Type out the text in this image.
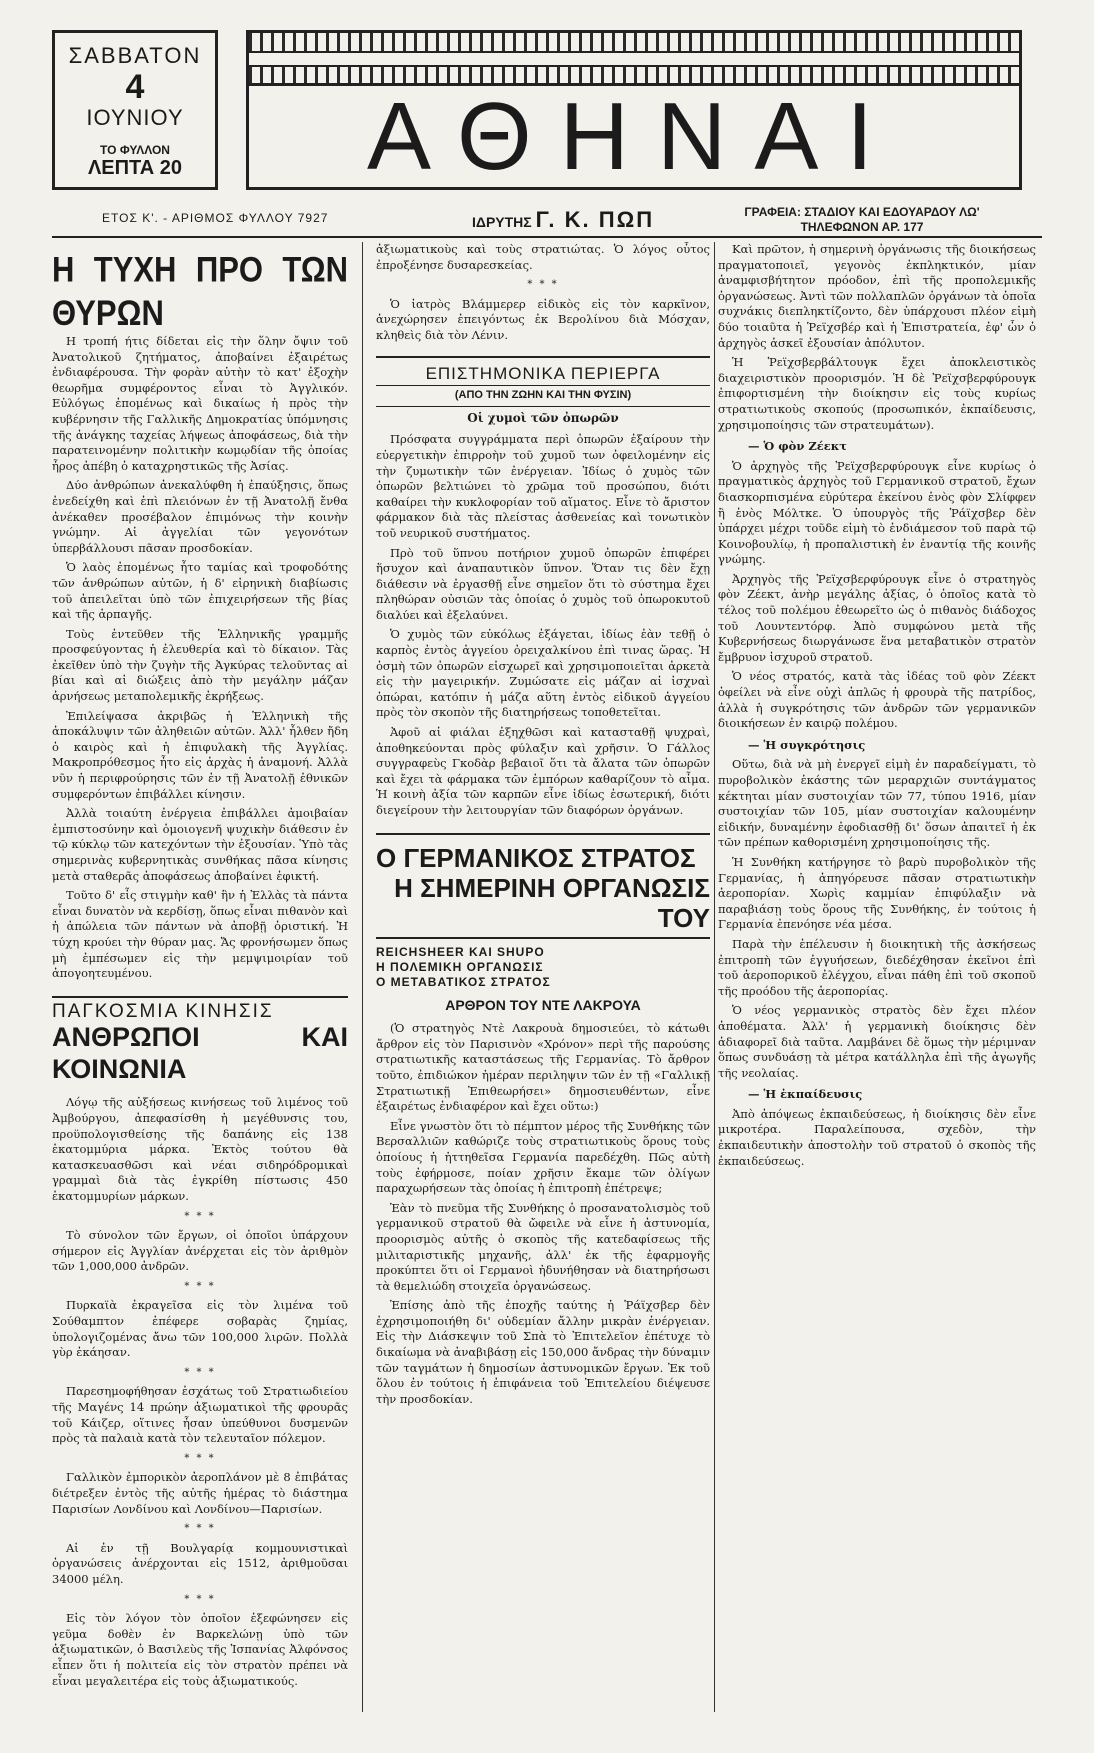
ΣΑΒΒΑΤΟΝ
4
ΙΟΥΝΙΟΥ
ΤΟ ΦΥΛΛΟΝ
ΛΕΠΤΑ 20	ΑΘΗΝΑΙ
ΕΤΟΣ Κ'. - ΑΡΙΘΜΟΣ ΦΥΛΛΟΥ 7927	ΙΔΡΥΤΗΣ Γ. Κ. ΠΩΠ	ΓΡΑΦΕΙΑ: ΣΤΑΔΙΟΥ ΚΑΙ ΕΔΟΥΑΡΔΟΥ ΛΩ'
ΤΗΛΕΦΩΝΟΝ ΑΡ. 177
Η ΤΥΧΗ ΠΡΟ ΤΩΝ ΘΥΡΩΝ

Η τροπή ήτις δίδεται εἰς τὴν ὅλην ὄψιν τοῦ Ἀνατολικοῦ ζητήματος, ἀποβαίνει ἐξαιρέτως ἐνδιαφέρουσα. Τὴν φορὰν αὐτὴν τὸ κατ' ἐξοχὴν θεωρῆμα συμφέροντος εἶναι τὸ Ἀγγλικόν. Εὐλόγως ἐπομένως καὶ δικαίως ἡ πρὸς τὴν κυβέρνησιν τῆς Γαλλικῆς Δημοκρατίας ὑπόμνησις τῆς ἀνάγκης ταχείας λήψεως ἀποφάσεως, διὰ τὴν παρατεινομένην πολιτικὴν κωμῳδίαν τῆς ὁποίας ἦρος ἀπέβη ὁ καταχρηστικῶς τῆς Ἀσίας.

Δύο ἀνθρώπων ἀνεκαλύφθη ἡ ἐπαύξησις, ὅπως ἐνεδείχθη καὶ ἐπὶ πλειόνων ἐν τῇ Ἀνατολῇ ἔνθα ἀνέκαθεν προσέβαλον ἐπιμόνως τὴν κοινὴν γνώμην. Αἱ ἀγγελίαι τῶν γεγονότων ὑπερβάλλουσι πᾶσαν προσδοκίαν.

Ὁ λαὸς ἐπομένως ἦτο ταμίας καὶ τροφοδότης τῶν ἀνθρώπων αὐτῶν, ἡ δ' εἰρηνικὴ διαβίωσις τοῦ ἀπειλεῖται ὑπὸ τῶν ἐπιχειρήσεων τῆς βίας καὶ τῆς ἁρπαγῆς.

Τοὺς ἐντεῦθεν τῆς Ἑλληνικῆς γραμμῆς προσφεύγοντας ἡ ἐλευθερία καὶ τὸ δίκαιον. Τὰς ἐκεῖθεν ὑπὸ τὴν ζυγὴν τῆς Ἀγκύρας τελοῦντας αἱ βίαι καὶ αἱ διώξεις ἀπὸ τὴν μεγάλην μάζαν ἀρνήσεως μεταπολεμικῆς ἐκρήξεως.

Ἐπιλείψασα ἀκριβῶς ἡ Ἑλληνικὴ τῆς ἀποκάλυψιν τῶν ἀληθειῶν αὐτῶν. Ἀλλ' ἦλθεν ἤδη ὁ καιρὸς καὶ ἡ ἐπιφυλακὴ τῆς Ἀγγλίας. Μακροπρόθεσμος ἦτο εἰς ἀρχὰς ἡ ἀναμονή. Ἀλλὰ νῦν ἡ περιφρούρησις τῶν ἐν τῇ Ἀνατολῇ ἐθνικῶν συμφερόντων ἐπιβάλλει κίνησιν.

Ἀλλὰ τοιαύτη ἐνέργεια ἐπιβάλλει ἀμοιβαίαν ἐμπιστοσύνην καὶ ὁμοιογενῆ ψυχικὴν διάθεσιν ἐν τῷ κύκλῳ τῶν κατεχόντων τὴν ἐξουσίαν. Ὑπὸ τὰς σημερινὰς κυβερνητικὰς συνθήκας πᾶσα κίνησις μετὰ σταθερᾶς ἀποφάσεως ἀποβαίνει ἐφικτή.

Τοῦτο δ' εἶς στιγμὴν καθ' ἣν ἡ Ἑλλὰς τὰ πάντα εἶναι δυνατὸν νὰ κερδίσῃ, ὅπως εἶναι πιθανὸν καὶ ἡ ἀπώλεια τῶν πάντων νὰ ἀποβῇ ὁριστική. Ἡ τύχη κρούει τὴν θύραν μας. Ἄς φρονήσωμεν ὅπως μὴ ἐμπέσωμεν εἰς τὴν μεμψιμοιρίαν τοῦ ἀπογοητευμένου.

ΠΑΓΚΟΣΜΙΑ ΚΙΝΗΣΙΣ
ΑΝΘΡΩΠΟΙ ΚΑΙ ΚΟΙΝΩΝΙΑ

Λόγῳ τῆς αὐξήσεως κινήσεως τοῦ λιμένος τοῦ Ἀμβούργου, ἀπεφασίσθη ἡ μεγέθυνσις του, προϋπολογισθείσης τῆς δαπάνης εἰς 138 ἑκατομμύρια μάρκα. Ἐκτὸς τούτου θὰ κατασκευασθῶσι καὶ νέαι σιδηρόδρομικαὶ γραμμαὶ διὰ τὰς ἐγκρίθη πίστωσις 450 ἑκατομμυρίων μάρκων.

* * *

Τὸ σύνολον τῶν ἔργων, οἱ ὁποῖοι ὑπάρχουν σήμερον εἰς Ἀγγλίαν ἀνέρχεται εἰς τὸν ἀριθμὸν τῶν 1,000,000 ἀνδρῶν.

* * *

Πυρκαϊὰ ἐκραγεῖσα εἰς τὸν λιμένα τοῦ Σούθαμπτον ἐπέφερε σοβαρὰς ζημίας, ὑπολογιζομένας ἄνω τῶν 100,000 λιρῶν. Πολλὰ γὺρ ἐκάησαν.

* * *

Παρεσημοφήθησαν ἐσχάτως τοῦ Στρατιωδιείου τῆς Μαγένς 14 πρώην ἀξιωματικοὶ τῆς φρουρᾶς τοῦ Κάιζερ, οἵτινες ἦσαν ὑπεύθυνοι δυσμενῶν πρὸς τὰ παλαιὰ κατὰ τὸν τελευταῖον πόλεμον.

* * *

Γαλλικὸν ἐμπορικὸν ἀεροπλάνον μὲ 8 ἐπιβάτας διέτρεξεν ἐντὸς τῆς αὐτῆς ἡμέρας τὸ διάστημα Παρισίων Λονδίνου καὶ Λονδίνου—Παρισίων.

* * *

Αἱ ἐν τῇ Βουλγαρίᾳ κομμουνιστικαὶ ὀργανώσεις ἀνέρχονται εἰς 1512, ἀριθμοῦσαι 34000 μέλη.

* * *

Εἰς τὸν λόγον τὸν ὁποῖον ἐξεφώνησεν εἰς γεῦμα δοθὲν ἐν Βαρκελώνῃ ὑπὸ τῶν ἀξιωματικῶν, ὁ Βασιλεὺς τῆς Ἱσπανίας Ἀλφόνσος εἶπεν ὅτι ἡ πολιτεία εἰς τὸν στρατὸν πρέπει νὰ εἶναι μεγαλειτέρα εἰς τοὺς ἀξιωματικούς.

ἀξιωματικοὺς καὶ τοὺς στρατιώτας. Ὁ λόγος οὗτος ἐπροξένησε δυσαρεσκείας.

* * *

Ὁ ἰατρὸς Βλάμμερερ εἰδικὸς εἰς τὸν καρκῖνον, ἀνεχώρησεν ἐπειγόντως ἐκ Βερολίνου διὰ Μόσχαν, κληθεὶς διὰ τὸν Λένιν.

ΕΠΙΣΤΗΜΟΝΙΚΑ ΠΕΡΙΕΡΓΑ
(ΑΠΟ ΤΗΝ ΖΩΗΝ ΚΑΙ ΤΗΝ ΦΥΣΙΝ)
Οἱ χυμοὶ τῶν ὀπωρῶν

Πρόσφατα συγγράμματα περὶ ὀπωρῶν ἐξαίρουν τὴν εὐεργετικὴν ἐπιρροὴν τοῦ χυμοῦ των ὀφειλομένην εἰς τὴν ζυμωτικὴν τῶν ἐνέργειαν. Ἰδίως ὁ χυμὸς τῶν ὀπωρῶν βελτιώνει τὸ χρῶμα τοῦ προσώπου, διότι καθαίρει τὴν κυκλοφορίαν τοῦ αἵματος. Εἶνε τὸ ἄριστον φάρμακον διὰ τὰς πλείστας ἀσθενείας καὶ τονωτικὸν τοῦ νευρικοῦ συστήματος.

Πρὸ τοῦ ὕπνου ποτήριον χυμοῦ ὀπωρῶν ἐπιφέρει ἥσυχον καὶ ἀναπαυτικὸν ὕπνον. Ὅταν τις δὲν ἔχῃ διάθεσιν νὰ ἐργασθῇ εἶνε σημεῖον ὅτι τὸ σύστημα ἔχει πληθώραν οὐσιῶν τὰς ὁποίας ὁ χυμὸς τοῦ ὀπωροκυτοῦ διαλύει καὶ ἐξελαύνει.

Ὁ χυμὸς τῶν εὐκόλως ἐξάγεται, ἰδίως ἐὰν τεθῇ ὁ καρπὸς ἐντὸς ἀγγείου ὀρειχαλκίνου ἐπὶ τινας ὥρας. Ἡ ὀσμὴ τῶν ὀπωρῶν εἰσχωρεῖ καὶ χρησιμοποιεῖται ἀρκετὰ εἰς τὴν μαγειρικήν. Ζυμώσατε εἰς μάζαν αἱ ἰσχναὶ ὀπώραι, κατόπιν ἡ μάζα αὕτη ἐντὸς εἰδικοῦ ἀγγείου πρὸς τὸν σκοπὸν τῆς διατηρήσεως τοποθετεῖται.

Ἀφοῦ αἱ φιάλαι ἐξηχθῶσι καὶ κατασταθῇ ψυχραὶ, ἀποθηκεύονται πρὸς φύλαξιν καὶ χρῆσιν. Ὁ Γάλλος συγγραφεὺς Γκοδὰρ βεβαιοῖ ὅτι τὰ ἄλατα τῶν ὀπωρῶν καὶ ἔχει τὰ φάρμακα τῶν ἐμπόρων καθαρίζουν τὸ αἷμα. Ἡ κοινὴ ἀξία τῶν καρπῶν εἶνε ἰδίως ἐσωτερική, διότι διεγείρουν τὴν λειτουργίαν τῶν διαφόρων ὀργάνων.

Ο ΓΕΡΜΑΝΙΚΟΣ ΣΤΡΑΤΟΣ
Η ΣΗΜΕΡΙΝΗ ΟΡΓΑΝΩΣΙΣ ΤΟΥ
REICHSHEER ΚΑΙ SHUPO
Η ΠΟΛΕΜΙΚΗ ΟΡΓΑΝΩΣΙΣ
Ο ΜΕΤΑΒΑΤΙΚΟΣ ΣΤΡΑΤΟΣ
ΑΡΘΡΟΝ ΤΟΥ ΝΤΕ ΛΑΚΡΟΥΑ

(Ὁ στρατηγὸς Ντὲ Λακρουὰ δημοσιεύει, τὸ κάτωθι ἄρθρον εἰς τὸν Παρισινὸν «Χρόνον» περὶ τῆς παρούσης στρατιωτικῆς καταστάσεως τῆς Γερμανίας. Τὸ ἄρθρον τοῦτο, ἐπιδιώκον ἡμέραν περιληψιν τῶν ἐν τῇ «Γαλλικῇ Στρατιωτικῇ Ἐπιθεωρήσει» δημοσιευθέντων, εἶνε ἐξαιρέτως ἐνδιαφέρον καὶ ἔχει οὕτω:)

Εἶνε γνωστὸν ὅτι τὸ πέμπτον μέρος τῆς Συνθήκης τῶν Βερσαλλιῶν καθώριζε τοὺς στρατιωτικοὺς ὅρους τοὺς ὁποίους ἡ ἡττηθεῖσα Γερμανία παρεδέχθη. Πῶς αὐτὴ τοὺς ἐφήρμοσε, ποίαν χρῆσιν ἔκαμε τῶν ὀλίγων παραχωρήσεων τὰς ὁποίας ἡ ἐπιτροπὴ ἐπέτρεψε;

Ἐὰν τὸ πνεῦμα τῆς Συνθήκης ὁ προσανατολισμὸς τοῦ γερμανικοῦ στρατοῦ θὰ ὤφειλε νὰ εἶνε ἡ ἀστυνομία, προορισμὸς αὐτῆς ὁ σκοπὸς τῆς κατεδαφίσεως τῆς μιλιταριστικῆς μηχανῆς, ἀλλ' ἐκ τῆς ἐφαρμογῆς προκύπτει ὅτι οἱ Γερμανοὶ ἠδυνήθησαν νὰ διατηρήσωσι τὰ θεμελιώδη στοιχεῖα ὀργανώσεως.

Ἐπίσης ἀπὸ τῆς ἐποχῆς ταύτης ἡ Ῥάϊχσβερ δὲν ἐχρησιμοποιήθη δι' οὐδεμίαν ἄλλην μικρὰν ἐνέργειαν. Εἰς τὴν Διάσκεψιν τοῦ Σπὰ τὸ Ἐπιτελεῖον ἐπέτυχε τὸ δικαίωμα νὰ ἀναβιβάσῃ εἰς 150,000 ἄνδρας τὴν δύναμιν τῶν ταγμάτων ἡ δημοσίων ἀστυνομικῶν ἔργων. Ἐκ τοῦ ὅλου ἐν τούτοις ἡ ἐπιφάνεια τοῦ Ἐπιτελείου διέψευσε τὴν προσδοκίαν.

Καὶ πρῶτον, ἡ σημερινὴ ὀργάνωσις τῆς διοικήσεως πραγματοποιεῖ, γεγονὸς ἐκπληκτικόν, μίαν ἀναμφισβήτητον πρόοδον, ἐπὶ τῆς προπολεμικῆς ὀργανώσεως. Ἀντὶ τῶν πολλαπλῶν ὀργάνων τὰ ὁποῖα συχνάκις διεπληκτίζοντο, δὲν ὑπάρχουσι πλέον εἰμὴ δύο τοιαῦτα ἡ Ῥεϊχσβέρ καὶ ἡ Ἐπιστρατεία, ἐφ' ὧν ὁ ἀρχηγὸς ἀσκεῖ ἐξουσίαν ἀπόλυτον.

Ἡ Ῥεϊχσβερβάλτουγκ ἔχει ἀποκλειστικὸς διαχειριστικὸν προορισμόν. Ἡ δὲ Ῥεϊχσβερφύρουγκ ἐπιφορτισμένη τὴν διοίκησιν εἰς τοὺς κυρίως στρατιωτικοὺς σκοπούς (προσωπικόν, ἐκπαίδευσις, χρησιμοποίησις τῶν στρατευμάτων).

— Ὁ φὸν Ζέεκτ

Ὁ ἀρχηγὸς τῆς Ῥεϊχσβερφύρουγκ εἶνε κυρίως ὁ πραγματικὸς ἀρχηγὸς τοῦ Γερμανικοῦ στρατοῦ, ἔχων διασκορπισμένα εὐρύτερα ἐκείνου ἑνὸς φὸν Σλίφφεν ἢ ἑνὸς Μόλτκε. Ὁ ὑπουργὸς τῆς Ῥάϊχσβερ δὲν ὑπάρχει μέχρι τοῦδε εἰμὴ τὸ ἐνδιάμεσον τοῦ παρὰ τῷ Κοινοβουλίῳ, ἡ προπαλιστικὴ ἐν ἐναντίᾳ τῆς κοινῆς γνώμης.

Ἀρχηγὸς τῆς Ῥεϊχσβερφύρουγκ εἶνε ὁ στρατηγὸς φὸν Ζέεκτ, ἀνὴρ μεγάλης ἀξίας, ὁ ὁποῖος κατὰ τὸ τέλος τοῦ πολέμου ἐθεωρεῖτο ὡς ὁ πιθανὸς διάδοχος τοῦ Λουντεντόρφ. Ἀπὸ συμφώνου μετὰ τῆς Κυβερνήσεως διωργάνωσε ἕνα μεταβατικὸν στρατὸν ἔμβρυον ἰσχυροῦ στρατοῦ.

Ὁ νέος στρατός, κατὰ τὰς ἰδέας τοῦ φὸν Ζέεκτ ὀφείλει νὰ εἶνε οὐχὶ ἁπλῶς ἡ φρουρὰ τῆς πατρίδος, ἀλλὰ ἡ συγκρότησις τῶν ἀνδρῶν τῶν γερμανικῶν διοικήσεων ἐν καιρῷ πολέμου.

— Ἡ συγκρότησις

Οὕτω, διὰ νὰ μὴ ἐνεργεῖ εἰμὴ ἐν παραδείγματι, τὸ πυροβολικὸν ἐκάστης τῶν μεραρχιῶν συντάγματος κέκτηται μίαν συστοιχίαν τῶν 77, τύπου 1916, μίαν συστοιχίαν τῶν 105, μίαν συστοιχίαν καλουμένην εἰδικήν, δυναμένην ἐφοδιασθῇ δι' ὅσων ἀπαιτεῖ ἡ ἐκ τῶν πρέπων καθορισμένη χρησιμοποίησις τῆς.

Ἡ Συνθήκη κατήργησε τὸ βαρὺ πυροβολικὸν τῆς Γερμανίας, ἡ ἀπηγόρευσε πᾶσαν στρατιωτικὴν ἀεροπορίαν. Χωρὶς καμμίαν ἐπιφύλαξιν νὰ παραβιάσῃ τοὺς ὅρους τῆς Συνθήκης, ἐν τούτοις ἡ Γερμανία ἐπενόησε νέα μέσα.

Παρὰ τὴν ἐπέλευσιν ἡ διοικητικὴ τῆς ἀσκήσεως ἐπιτροπὴ τῶν ἐγγυήσεων, διεδέχθησαν ἐκεῖνοι ἐπὶ τοῦ ἀεροπορικοῦ ἐλέγχου, εἶναι πάθη ἐπὶ τοῦ σκοποῦ τῆς προόδου τῆς ἀεροπορίας.

Ὁ νέος γερμανικὸς στρατὸς δὲν ἔχει πλέον ἀποθέματα. Ἀλλ' ἡ γερμανικὴ διοίκησις δὲν ἀδιαφορεῖ διὰ ταῦτα. Λαμβάνει δὲ ὅμως τὴν μέριμναν ὅπως συνδυάσῃ τὰ μέτρα κατάλληλα ἐπὶ τῆς ἀγωγῆς τῆς νεολαίας.

— Ἡ ἐκπαίδευσις

Ἀπὸ ἀπόψεως ἐκπαιδεύσεως, ἡ διοίκησις δὲν εἶνε μικροτέρα. Παραλείπουσα, σχεδὸν, τὴν ἐκπαιδευτικὴν ἀποστολὴν τοῦ στρατοῦ ὁ σκοπὸς τῆς ἐκπαιδεύσεως.
